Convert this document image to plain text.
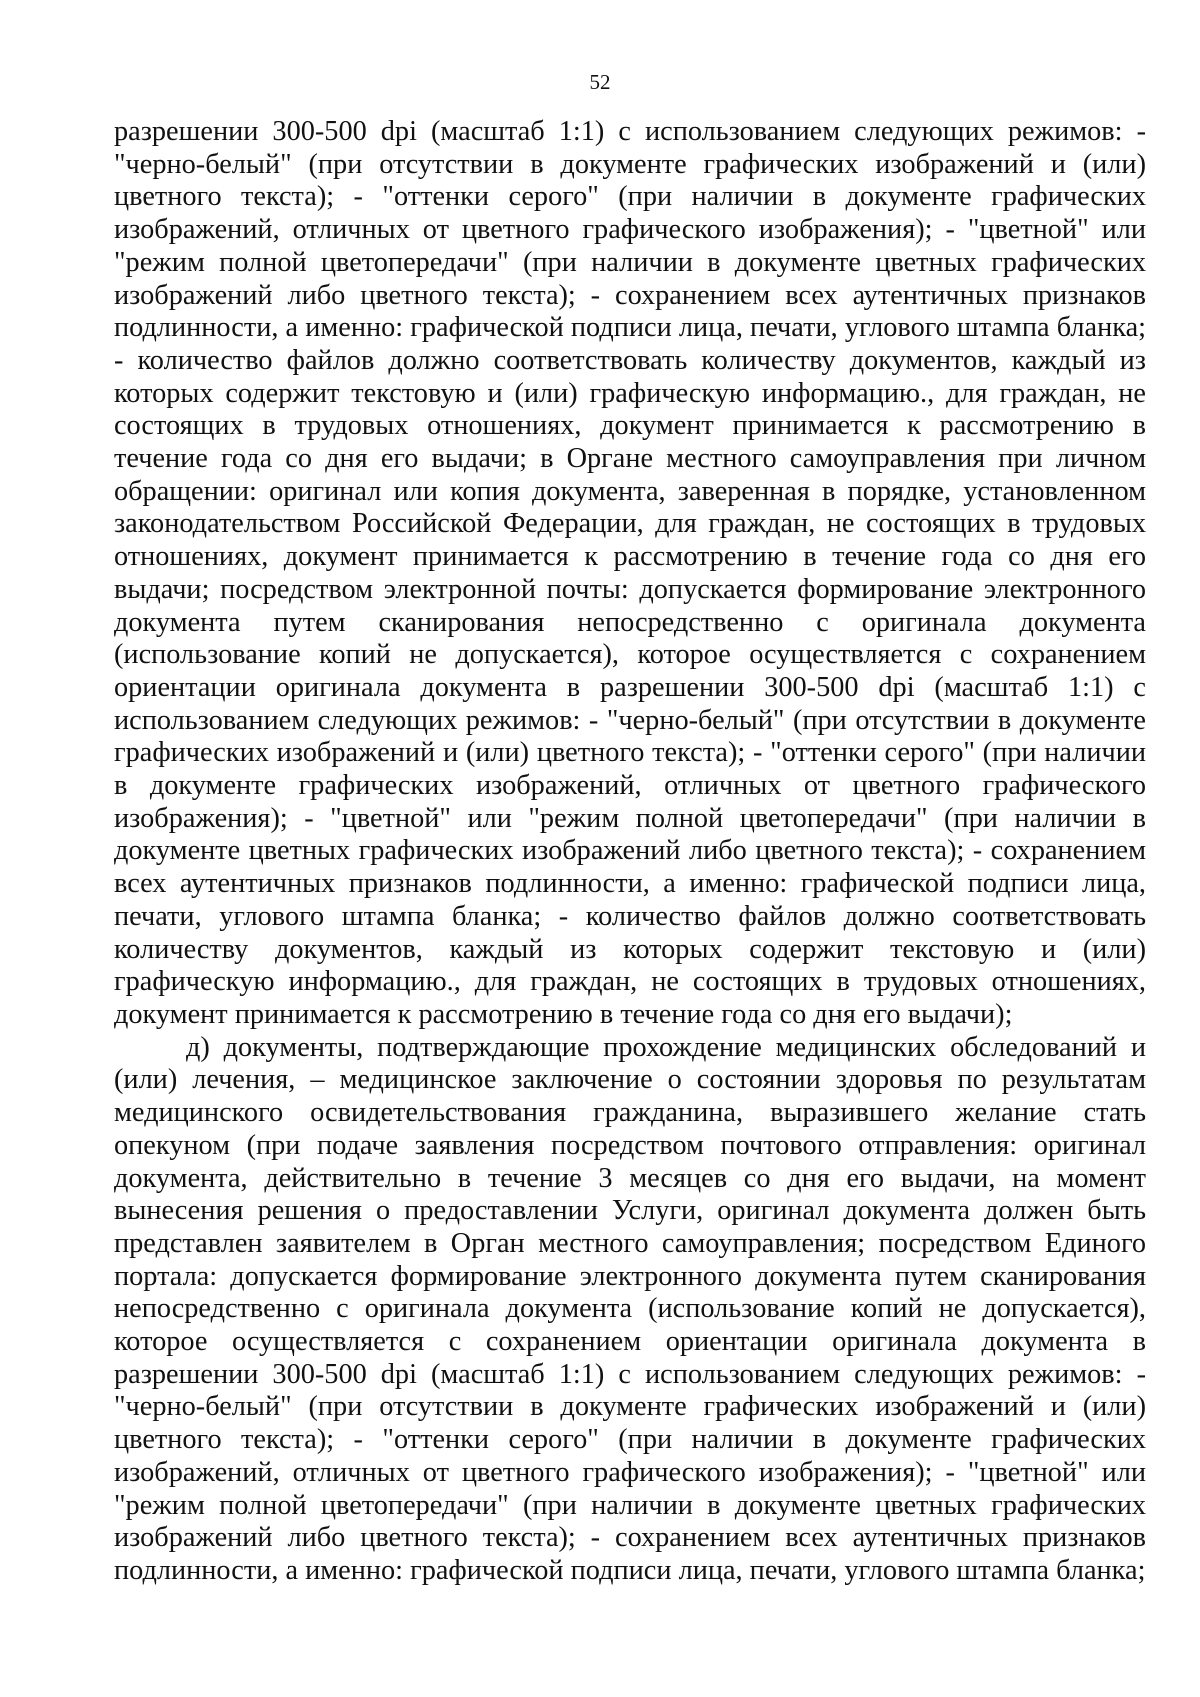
52

разрешении 300-500 dpi (масштаб 1:1) с использованием следующих режимов: - "черно-белый" (при отсутствии в документе графических изображений и (или) цветного текста); - "оттенки серого" (при наличии в документе графических изображений, отличных от цветного графического изображения); - "цветной" или "режим полной цветопередачи" (при наличии в документе цветных графических изображений либо цветного текста); - сохранением всех аутентичных признаков подлинности, а именно: графической подписи лица, печати, углового штампа бланка; - количество файлов должно соответствовать количеству документов, каждый из которых содержит текстовую и (или) графическую информацию., для граждан, не состоящих в трудовых отношениях, документ принимается к рассмотрению в течение года со дня его выдачи; в Органе местного самоуправления при личном обращении: оригинал или копия документа, заверенная в порядке, установленном законодательством Российской Федерации, для граждан, не состоящих в трудовых отношениях, документ принимается к рассмотрению в течение года со дня его выдачи; посредством электронной почты: допускается формирование электронного документа путем сканирования непосредственно с оригинала документа (использование копий не допускается), которое осуществляется с сохранением ориентации оригинала документа в разрешении 300-500 dpi (масштаб 1:1) с использованием следующих режимов: - "черно-белый" (при отсутствии в документе графических изображений и (или) цветного текста); - "оттенки серого" (при наличии в документе графических изображений, отличных от цветного графического изображения); - "цветной" или "режим полной цветопередачи" (при наличии в документе цветных графических изображений либо цветного текста); - сохранением всех аутентичных признаков подлинности, а именно: графической подписи лица, печати, углового штампа бланка; - количество файлов должно соответствовать количеству документов, каждый из которых содержит текстовую и (или) графическую информацию., для граждан, не состоящих в трудовых отношениях, документ принимается к рассмотрению в течение года со дня его выдачи);

д) документы, подтверждающие прохождение медицинских обследований и (или) лечения, – медицинское заключение о состоянии здоровья по результатам медицинского освидетельствования гражданина, выразившего желание стать опекуном (при подаче заявления посредством почтового отправления: оригинал документа, действительно в течение 3 месяцев со дня его выдачи, на момент вынесения решения о предоставлении Услуги, оригинал документа должен быть представлен заявителем в Орган местного самоуправления; посредством Единого портала: допускается формирование электронного документа путем сканирования непосредственно с оригинала документа (использование копий не допускается), которое осуществляется с сохранением ориентации оригинала документа в разрешении 300-500 dpi (масштаб 1:1) с использованием следующих режимов: - "черно-белый" (при отсутствии в документе графических изображений и (или) цветного текста); - "оттенки серого" (при наличии в документе графических изображений, отличных от цветного графического изображения); - "цветной" или "режим полной цветопередачи" (при наличии в документе цветных графических изображений либо цветного текста); - сохранением всех аутентичных признаков подлинности, а именно: графической подписи лица, печати, углового штампа бланка;
